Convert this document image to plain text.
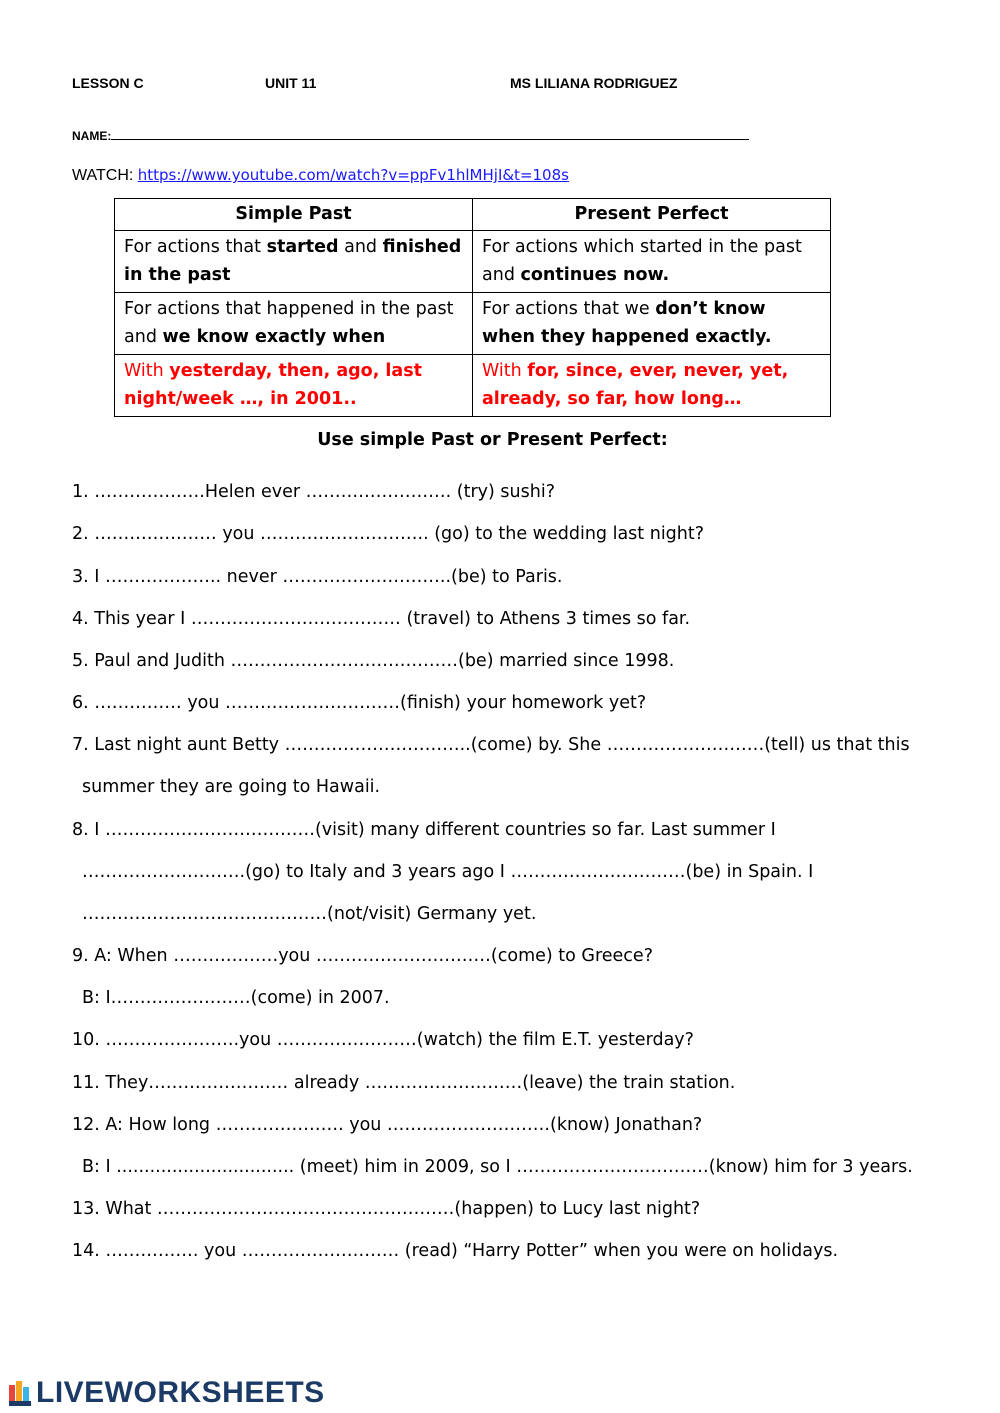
LESSON C	UNIT 11	MS LILIANA RODRIGUEZ
NAME:
WATCH: https://www.youtube.com/watch?v=ppFv1hlMHjI&t=108s
Simple Past	Present Perfect
For actions that started and finished in the past	For actions which started in the past and continues now.
For actions that happened in the past and we know exactly when	For actions that we don’t know when they happened exactly.
With yesterday, then, ago, last night/week …, in 2001..	With for, since, ever, never, yet, already, so far, how long…
Use simple Past or Present Perfect:
1. ……………….Helen ever ……………………. (try) sushi?
2. ………………… you ……………………….. (go) to the wedding last night?
3. I ……………….. never ………………………..(be) to Paris.
4. This year I ……………………………… (travel) to Athens 3 times so far.
5. Paul and Judith …………………………………(be) married since 1998.
6. …………… you …………………………(finish) your homework yet?
7. Last night aunt Betty …………………………..(come) by. She ………………………(tell) us that this
summer they are going to Hawaii.
8. I ………………………………(visit) many different countries so far. Last summer I
……………………….(go) to Italy and 3 years ago I …………………………(be) in Spain. I
……………………………………(not/visit) Germany yet.
9. A: When ………………you …………………………(come) to Greece?
B: I……………………(come) in 2007.
10. …………………..you ……………………(watch) the film E.T. yesterday?
11. They…………………… already ………………………(leave) the train station.
12. A: How long …………………. you ……………………….(know) Jonathan?
B: I ................................ (meet) him in 2009, so I ……………………………(know) him for 3 years.
13. What ……………………………………………(happen) to Lucy last night?
14. ……………. you ……………………… (read) “Harry Potter” when you were on holidays.
LIVEWORKSHEETS
